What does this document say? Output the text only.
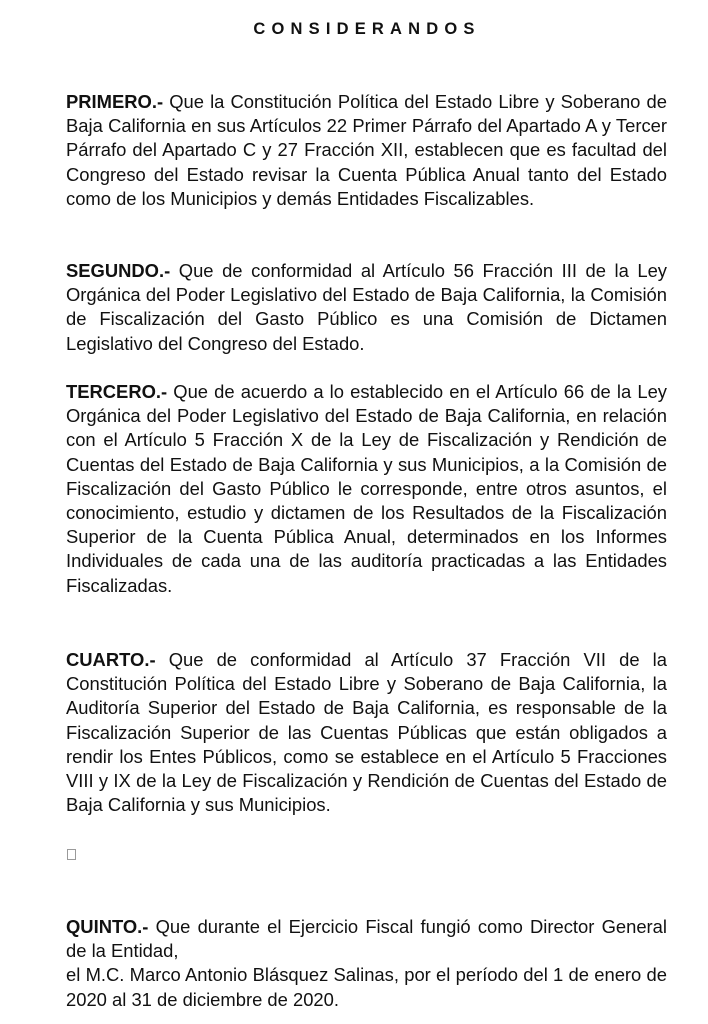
CONSIDERANDOS

PRIMERO.- Que la Constitución Política del Estado Libre y Soberano de Baja California en sus Artículos 22 Primer Párrafo del Apartado A y Tercer Párrafo del Apartado C y 27 Fracción XII, establecen que es facultad del Congreso del Estado revisar la Cuenta Pública Anual tanto del Estado como de los Municipios y demás Entidades Fiscalizables.

SEGUNDO.- Que de conformidad al Artículo 56 Fracción III de la Ley Orgánica del Poder Legislativo del Estado de Baja California, la Comisión de Fiscalización del Gasto Público es una Comisión de Dictamen Legislativo del Congreso del Estado.

TERCERO.- Que de acuerdo a lo establecido en el Artículo 66 de la Ley Orgánica del Poder Legislativo del Estado de Baja California, en relación con el Artículo 5 Fracción X de la Ley de Fiscalización y Rendición de Cuentas del Estado de Baja California y sus Municipios, a la Comisión de Fiscalización del Gasto Público le corresponde, entre otros asuntos, el conocimiento, estudio y dictamen de los Resultados de la Fiscalización Superior de la Cuenta Pública Anual, determinados en los Informes Individuales de cada una de las auditoría practicadas a las Entidades Fiscalizadas.

CUARTO.- Que de conformidad al Artículo 37 Fracción VII de la Constitución Política del Estado Libre y Soberano de Baja California, la Auditoría Superior del Estado de Baja California, es responsable de la Fiscalización Superior de las Cuentas Públicas que están obligados a rendir los Entes Públicos, como se establece en el Artículo 5 Fracciones VIII y IX de la Ley de Fiscalización y Rendición de Cuentas del Estado de Baja California y sus Municipios.

QUINTO.- Que durante el Ejercicio Fiscal fungió como Director General de la Entidad,
el M.C. Marco Antonio Blásquez Salinas, por el período del 1 de enero de 2020 al 31 de diciembre de 2020.
